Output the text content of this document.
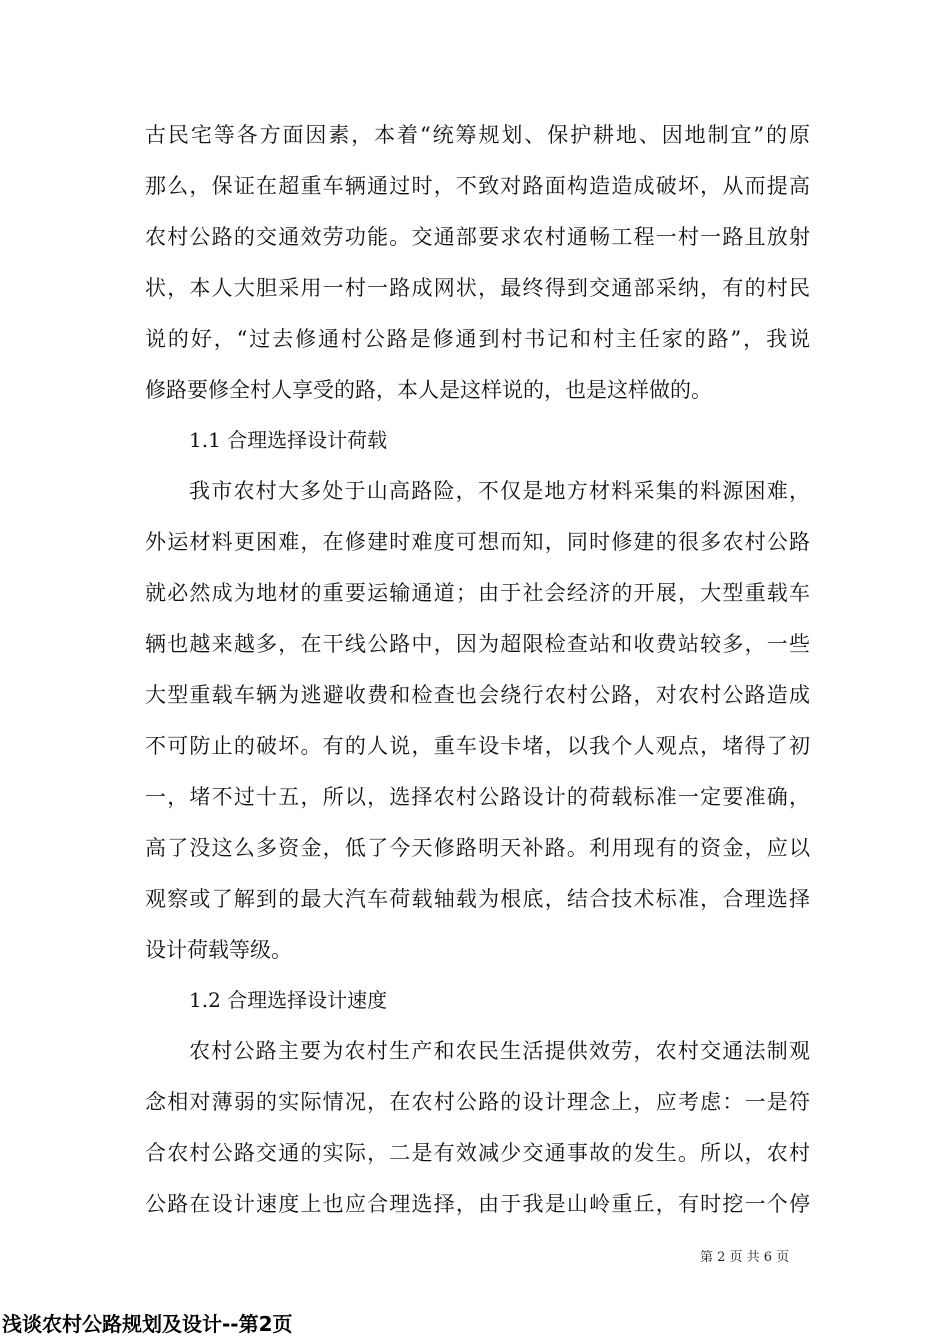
古民宅等各方面因素，本着“统筹规划、保护耕地、因地制宜”的原
那么，保证在超重车辆通过时，不致对路面构造造成破坏，从而提高
农村公路的交通效劳功能。交通部要求农村通畅工程一村一路且放射
状，本人大胆采用一村一路成网状，最终得到交通部采纳，有的村民
说的好，“过去修通村公路是修通到村书记和村主任家的路”，我说
修路要修全村人享受的路，本人是这样说的，也是这样做的。
1.1 合理选择设计荷载
我市农村大多处于山高路险，不仅是地方材料采集的料源困难，
外运材料更困难，在修建时难度可想而知，同时修建的很多农村公路
就必然成为地材的重要运输通道；由于社会经济的开展，大型重载车
辆也越来越多，在干线公路中，因为超限检查站和收费站较多，一些
大型重载车辆为逃避收费和检查也会绕行农村公路，对农村公路造成
不可防止的破坏。有的人说，重车设卡堵，以我个人观点，堵得了初
一，堵不过十五，所以，选择农村公路设计的荷载标准一定要准确，
高了没这么多资金，低了今天修路明天补路。利用现有的资金，应以
观察或了解到的最大汽车荷载轴载为根底，结合技术标准，合理选择
设计荷载等级。
1.2 合理选择设计速度
农村公路主要为农村生产和农民生活提供效劳，农村交通法制观
念相对薄弱的实际情况，在农村公路的设计理念上，应考虑：一是符
合农村公路交通的实际，二是有效减少交通事故的发生。所以，农村
公路在设计速度上也应合理选择，由于我是山岭重丘，有时挖一个停
第 2 页 共 6 页
浅谈农村公路规划及设计--第2页
